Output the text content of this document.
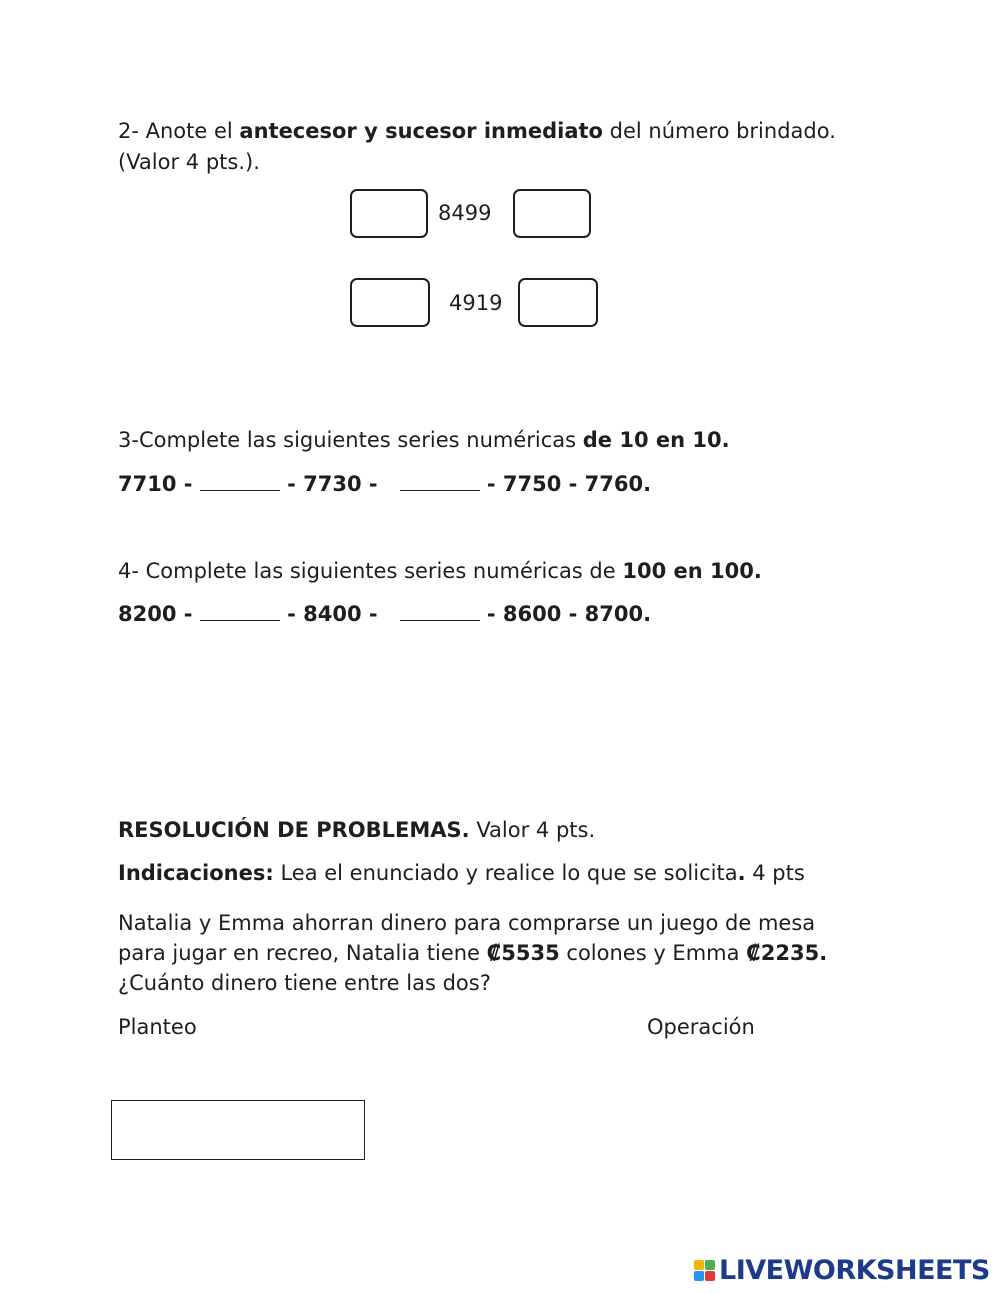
2- Anote el antecesor y sucesor inmediato del número brindado.
(Valor 4 pts.).
8499
4919
3-Complete las siguientes series numéricas de 10 en 10.
7710 -	- 7730 -	- 7750 - 7760.
4- Complete las siguientes series numéricas de 100 en 100.
8200 -	- 8400 -	- 8600 - 8700.
RESOLUCIÓN DE PROBLEMAS. Valor 4 pts.
Indicaciones: Lea el enunciado y realice lo que se solicita. 4 pts
Natalia y Emma ahorran dinero para comprarse un juego de mesa
para jugar en recreo, Natalia tiene ₡5535 colones y Emma ₡2235.
¿Cuánto dinero tiene entre las dos?
Planteo	Operación
LIVEWORKSHEETS
